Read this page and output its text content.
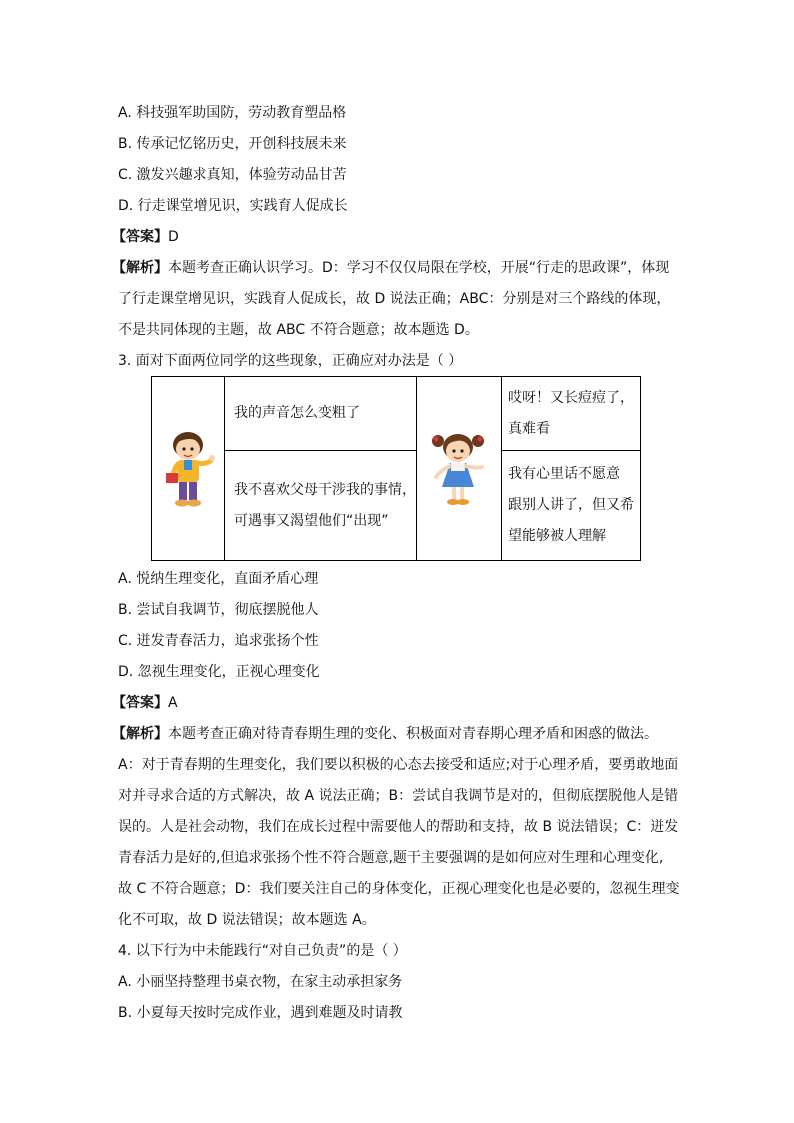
A. 科技强军助国防，劳动教育塑品格
B. 传承记忆铭历史，开创科技展未来
C. 激发兴趣求真知，体验劳动品甘苦
D. 行走课堂增见识，实践育人促成长
【答案】D
【解析】本题考查正确认识学习。D：学习不仅仅局限在学校，开展“行走的思政课”，体现
了行走课堂增见识，实践育人促成长，故 D 说法正确；ABC：分别是对三个路线的体现，
不是共同体现的主题，故 ABC 不符合题意；故本题选 D。
3. 面对下面两位同学的这些现象，正确应对办法是（ ）
我的声音怎么变粗了
我不喜欢父母干涉我的事情，
可遇事又渴望他们“出现”
哎呀！又长痘痘了，
真难看
我有心里话不愿意
跟别人讲了，但又希
望能够被人理解
A. 悦纳生理变化，直面矛盾心理
B. 尝试自我调节，彻底摆脱他人
C. 迸发青春活力，追求张扬个性
D. 忽视生理变化，正视心理变化
【答案】A
【解析】本题考查正确对待青春期生理的变化、积极面对青春期心理矛盾和困惑的做法。
A：对于青春期的生理变化，我们要以积极的心态去接受和适应;对于心理矛盾，要勇敢地面
对并寻求合适的方式解决，故 A 说法正确；B：尝试自我调节是对的，但彻底摆脱他人是错
误的。人是社会动物，我们在成长过程中需要他人的帮助和支持，故 B 说法错误；C：迸发
青春活力是好的,但追求张扬个性不符合题意,题干主要强调的是如何应对生理和心理变化,
故 C 不符合题意；D：我们要关注自己的身体变化，正视心理变化也是必要的，忽视生理变
化不可取，故 D 说法错误；故本题选 A。
4. 以下行为中未能践行“对自己负责”的是（ ）
A. 小丽坚持整理书桌衣物，在家主动承担家务
B. 小夏每天按时完成作业，遇到难题及时请教
